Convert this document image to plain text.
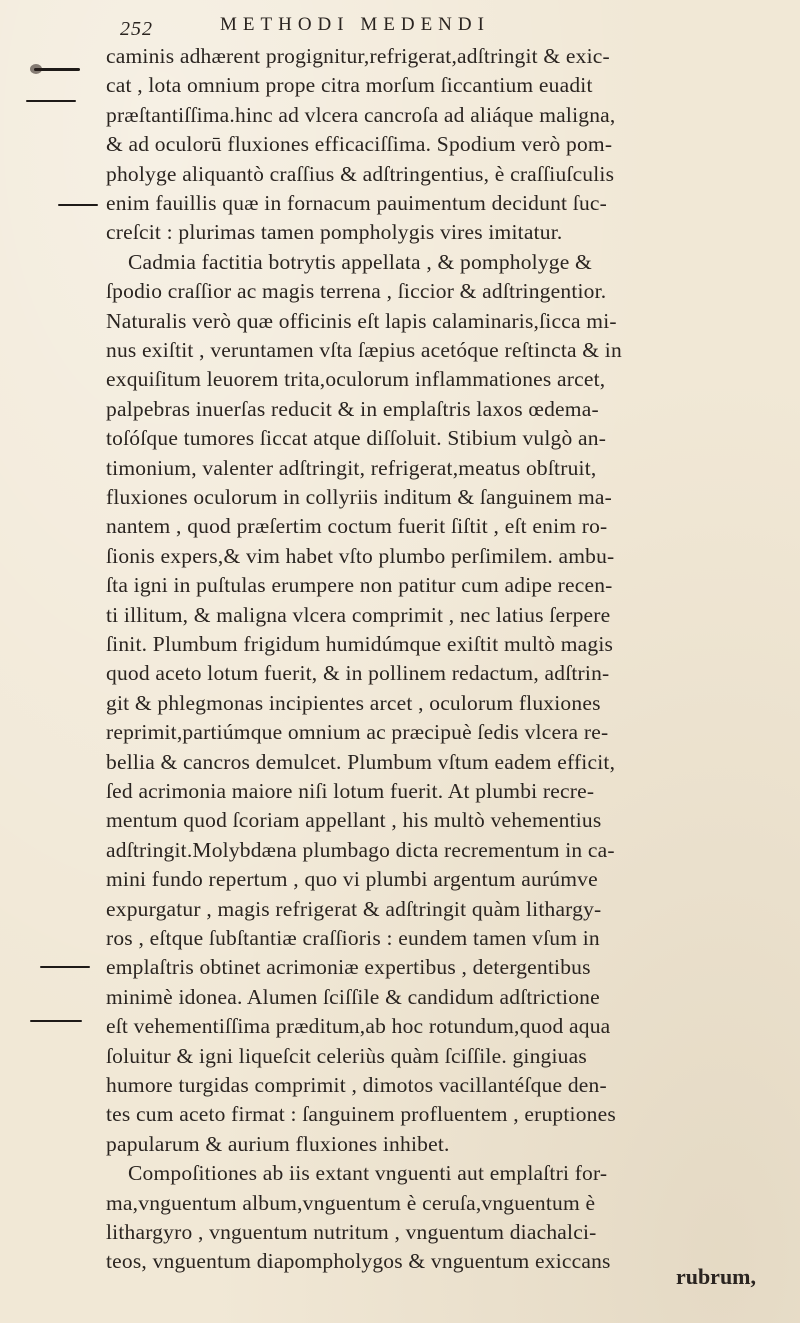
252	METHODI MEDENDI
caminis adhærent progignitur,refrigerat,adſtringit & exic-
cat , lota omnium prope citra morſum ſiccantium euadit
præſtantiſſima.hinc ad vlcera cancroſa ad aliáque maligna,
& ad oculorū fluxiones efficaciſſima. Spodium verò pom-
pholyge aliquantò craſſius & adſtringentius, è craſſiuſculis
enim fauillis quæ in fornacum pauimentum decidunt ſuc-
creſcit : plurimas tamen pompholygis vires imitatur.
Cadmia factitia botrytis appellata , & pompholyge &
ſpodio craſſior ac magis terrena , ſiccior & adſtringentior.
Naturalis verò quæ officinis eſt lapis calaminaris,ſicca mi-
nus exiſtit , veruntamen vſta ſæpius acetóque reſtincta & in
exquiſitum leuorem trita,oculorum inflammationes arcet,
palpebras inuerſas reducit & in emplaſtris laxos œdema-
toſóſque tumores ſiccat atque diſſoluit. Stibium vulgò an-
timonium, valenter adſtringit, refrigerat,meatus obſtruit,
fluxiones oculorum in collyriis inditum & ſanguinem ma-
nantem , quod præſertim coctum fuerit ſiſtit , eſt enim ro-
ſionis expers,& vim habet vſto plumbo perſimilem. ambu-
ſta igni in puſtulas erumpere non patitur cum adipe recen-
ti illitum, & maligna vlcera comprimit , nec latius ſerpere
ſinit. Plumbum frigidum humidúmque exiſtit multò magis
quod aceto lotum fuerit, & in pollinem redactum, adſtrin-
git & phlegmonas incipientes arcet , oculorum fluxiones
reprimit,partiúmque omnium ac præcipuè ſedis vlcera re-
bellia & cancros demulcet. Plumbum vſtum eadem efficit,
ſed acrimonia maiore niſi lotum fuerit. At plumbi recre-
mentum quod ſcoriam appellant , his multò vehementius
adſtringit.Molybdæna plumbago dicta recrementum in ca-
mini fundo repertum , quo vi plumbi argentum aurúmve
expurgatur , magis refrigerat & adſtringit quàm lithargy-
ros , eſtque ſubſtantiæ craſſioris : eundem tamen vſum in
emplaſtris obtinet acrimoniæ expertibus , detergentibus
minimè idonea. Alumen ſciſſile & candidum adſtrictione
eſt vehementiſſima præditum,ab hoc rotundum,quod aqua
ſoluitur & igni liqueſcit celeriùs quàm ſciſſile. gingiuas
humore turgidas comprimit , dimotos vacillantéſque den-
tes cum aceto firmat : ſanguinem profluentem , eruptiones
papularum & aurium fluxiones inhibet.
Compoſitiones ab iis extant vnguenti aut emplaſtri for-
ma,vnguentum album,vnguentum è ceruſa,vnguentum è
lithargyro , vnguentum nutritum , vnguentum diachalci-
teos, vnguentum diapompholygos & vnguentum exiccans
rubrum,
